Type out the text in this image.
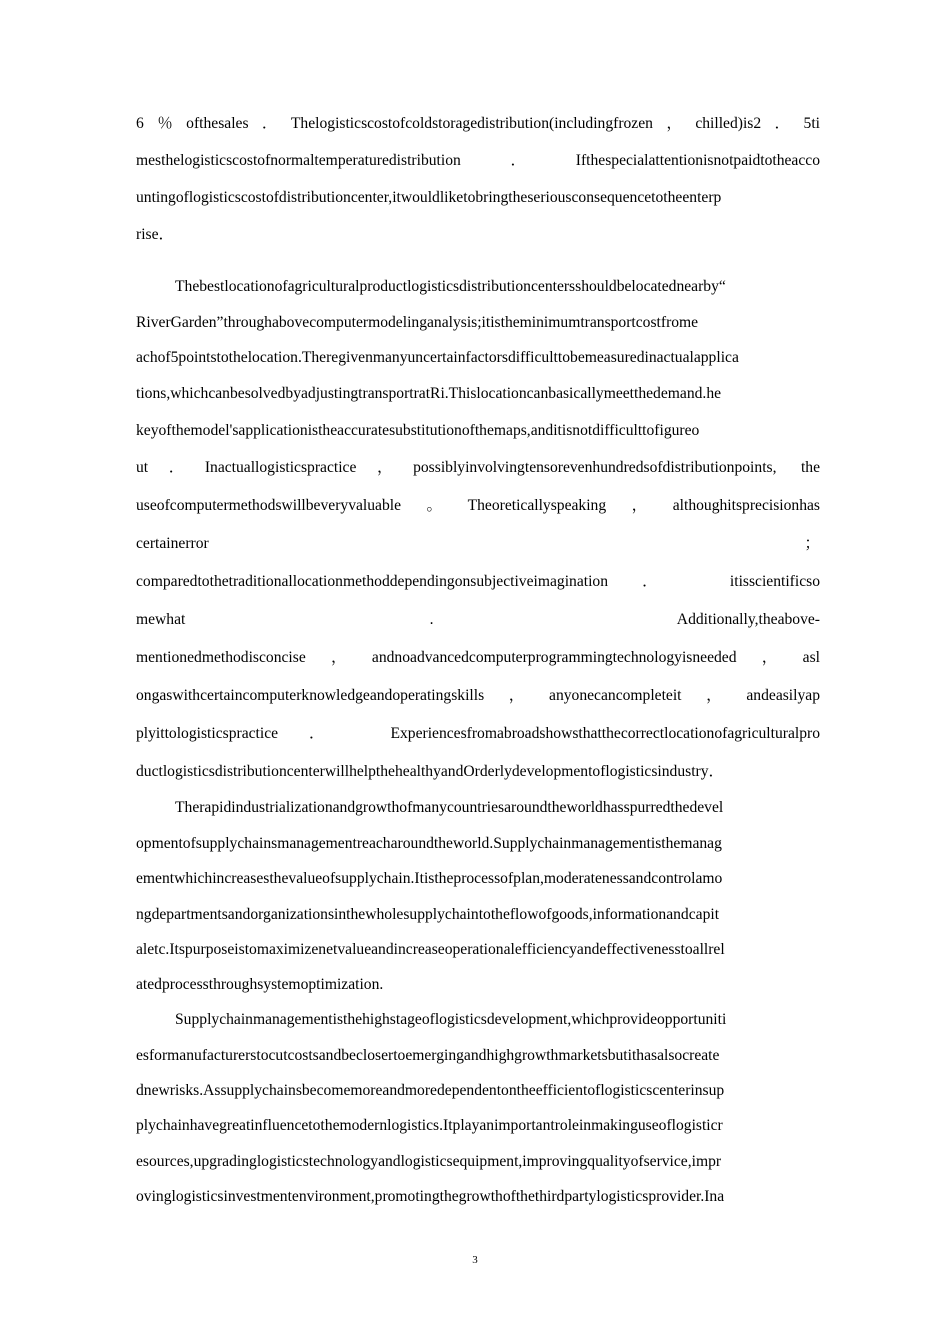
6％ofthesales．Thelogisticscostofcoldstoragedistribution(includingfrozen，chilled)is2．5ti
mesthelogisticscostofnormaltemperaturedistribution．Ifthespecialattentionisnotpaidtotheacco
untingoflogisticscostofdistributioncenter,itwouldliketobringtheseriousconsequencetotheenterp
rise．
Thebestlocationofagriculturalproductlogisticsdistributioncentersshouldbelocatednearby“
RiverGarden”throughabovecomputermodelinganalysis;itistheminimumtransportcostfrome
achof5pointstothelocation.Theregivenmanyuncertainfactorsdifficulttobemeasuredinactualapplica
tions,whichcanbesolvedbyadjustingtransportratRi.Thislocationcanbasicallymeetthedemand.he
keyofthemodel'sapplicationistheaccuratesubstitutionofthemaps,anditisnotdifficulttofigureo
ut．Inactuallogisticspractice，possiblyinvolvingtensorevenhundredsofdistributionpoints, the
useofcomputermethodswillbeveryvaluable。Theoreticallyspeaking，althoughitsprecisionhas
certainerror ；
comparedtothetraditionallocationmethoddependingonsubjectiveimagination． itisscientificso
mewhat . Additionally,theabove-
mentionedmethodisconcise，andnoadvancedcomputerprogrammingtechnologyisneeded，asl
ongaswithcertaincomputerknowledgeandoperatingskills，anyonecancompleteit，andeasilyap
plyittologisticspractice． Experiencesfromabroadshowsthatthecorrectlocationofagriculturalpro
ductlogisticsdistributioncenterwillhelpthehealthyandOrderlydevelopmentoflogisticsindustry．
Therapidindustrializationandgrowthofmanycountriesaroundtheworldhasspurredthedevel
opmentofsupplychainsmanagementreacharoundtheworld.Supplychainmanagementisthemanag
ementwhichincreasesthevalueofsupplychain.Itistheprocessofplan,moderatenessandcontrolamo
ngdepartmentsandorganizationsinthewholesupplychaintotheflowofgoods,informationandcapit
aletc.Itspurposeistomaximizenetvalueandincreaseoperationalefficiencyandeffectivenesstoallrel
atedprocessthroughsystemoptimization.
Supplychainmanagementisthehighstageoflogisticsdevelopment,whichprovideopportuniti
esformanufacturerstocutcostsandbeclosertoemergingandhighgrowthmarketsbutithasalsocreate
dnewrisks.Assupplychainsbecomemoreandmoredependentontheefficientoflogisticscenterinsup
plychainhavegreatinfluencetothemodernlogistics.Itplayanimportantroleinmakinguseoflogisticr
esources,upgradinglogisticstechnologyandlogisticsequipment,improvingqualityofservice,impr
ovinglogisticsinvestmentenvironment,promotingthegrowthofthethirdpartylogisticsprovider.Ina
3
